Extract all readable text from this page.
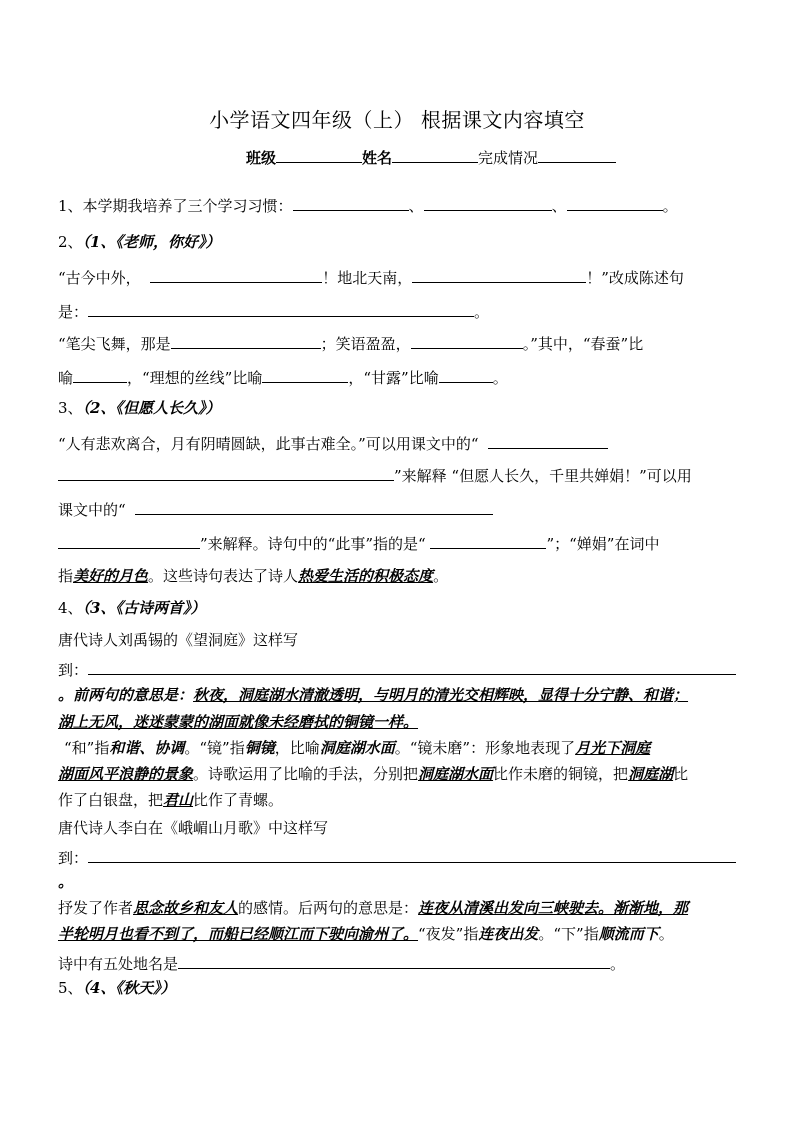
小学语文四年级（上） 根据课文内容填空
班级	姓名	完成情况
1、本学期我培养了三个学习习惯：	、	、	。
2、（1、《老师，你好》）
“古今中外，	！地北天南，	！”改成陈述句
是：	。
“笔尖飞舞，那是	；笑语盈盈，	。”其中，“春蚕”比
喻	，“理想的丝线”比喻	，“甘露”比喻	。
3、（2、《但愿人长久》）
“人有悲欢离合，月有阴晴圆缺，此事古难全。”可以用课文中的“
”来解释 “但愿人长久，千里共婵娟！”可以用
课文中的“
”来解释。诗句中的“此事”指的是“	”；“婵娟”在词中
指美好的月色。这些诗句表达了诗人热爱生活的积极态度。
4、（3、《古诗两首》）
唐代诗人刘禹锡的《望洞庭》这样写
到：
。前两句的意思是：秋夜，洞庭湖水清澈透明，与明月的清光交相辉映，显得十分宁静、和谐；
湖上无风，迷迷蒙蒙的湖面就像未经磨拭的铜镜一样。
“和”指和谐、协调。“镜”指铜镜，比喻洞庭湖水面。“镜未磨”：形象地表现了月光下洞庭
湖面风平浪静的景象。诗歌运用了比喻的手法，分别把洞庭湖水面比作未磨的铜镜，把洞庭湖比
作了白银盘，把君山比作了青螺。
唐代诗人李白在《峨嵋山月歌》中这样写
到：
。
抒发了作者思念故乡和友人的感情。后两句的意思是：连夜从清溪出发向三峡驶去。渐渐地，那
半轮明月也看不到了，而船已经顺江而下驶向渝州了。“夜发”指连夜出发。“下”指顺流而下。
诗中有五处地名是	。
5、（4、《秋天》）
